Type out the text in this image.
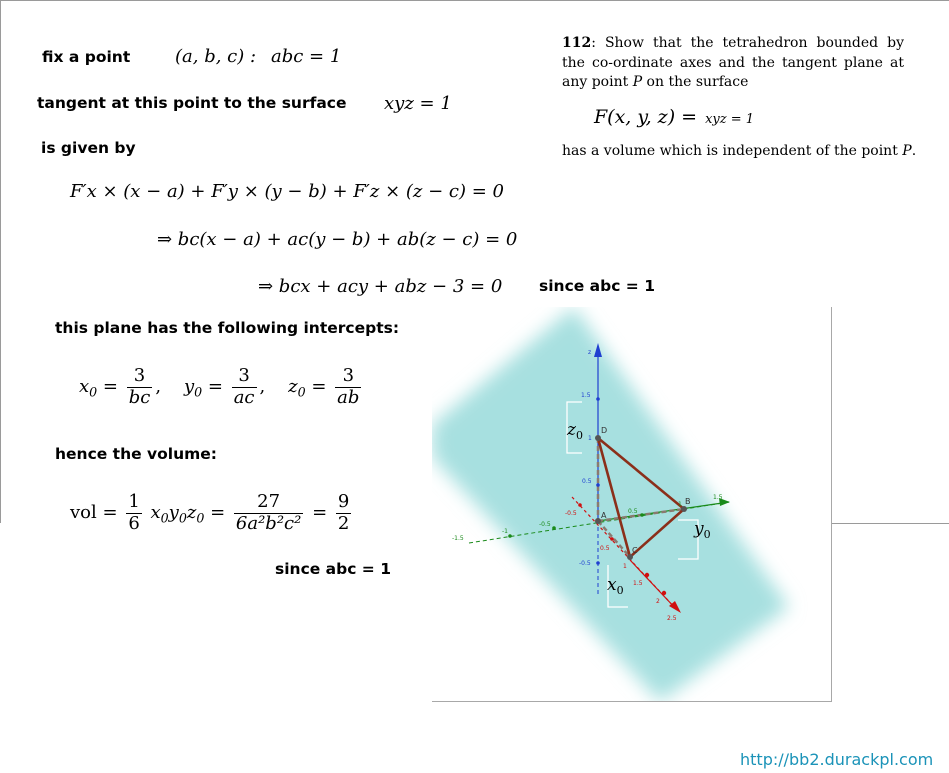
fix a point (a, b, c) : abc = 1
tangent at this point to the surface xyz = 1
is given by
F′x × (x − a) + F′y × (y − b) + F′z × (z − c) = 0
⇒ bc(x − a) + ac(y − b) + ab(z − c) = 0
⇒ bcx + acy + abz − 3 = 0 since abc = 1
this plane has the following intercepts:
$x_0 = \frac{3}{bc}$ , $y_0 = \frac{3}{ac}$ , $z_0 = \frac{3}{ab}$
hence the volume:
vol = $\frac{1}{6} x_0y_0z_0 = \frac{27}{\text{6a²b²c²}} = \frac{9}{2}$
since abc = 1
112: Show that the tetrahedron bounded by the co-ordinate axes and the tangent plane at any point P on the surface
F(x, y, z) = xyz = 1
has a volume which is independent of the point P.
D
A
B
C
z
1.5
1
0.5
-0.5
-1.5
-1
-0.5
0.5
1
1.5
-0.5
0.5
1
1.5
2
2.5
$z_0$
$y_0$
$x_0$
http://bb2.durackpl.com
